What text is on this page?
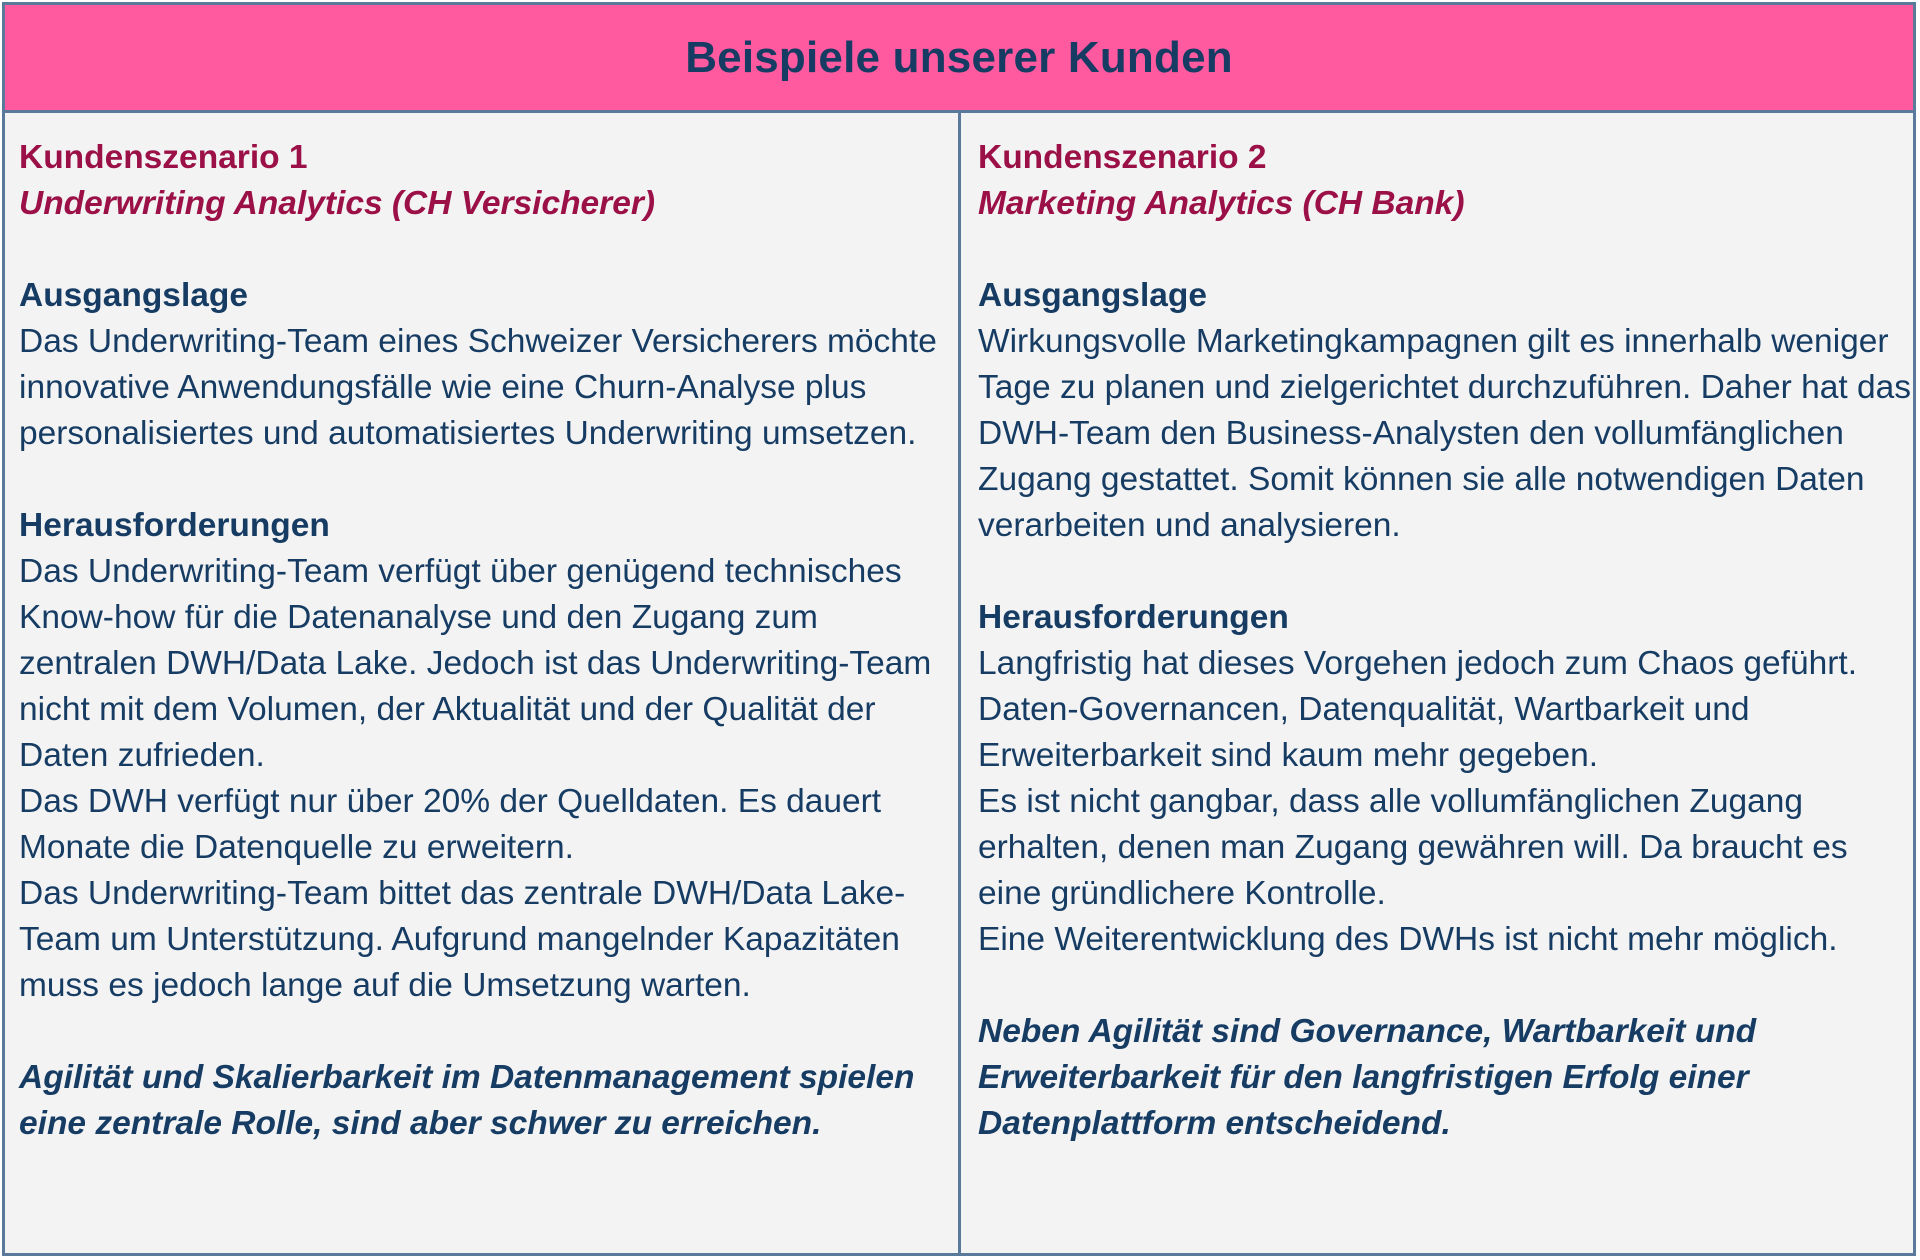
Beispiele unserer Kunden
Kundenszenario 1
Underwriting Analytics (CH Versicherer)
Ausgangslage
Das Underwriting-Team eines Schweizer Versicherers möchte innovative Anwendungsfälle wie eine Churn-Analyse plus personalisiertes und automatisiertes Underwriting umsetzen.
Herausforderungen
Das Underwriting-Team verfügt über genügend technisches Know-how für die Datenanalyse und den Zugang zum zentralen DWH/Data Lake. Jedoch ist das Underwriting-Team nicht mit dem Volumen, der Aktualität und der Qualität der Daten zufrieden.
Das DWH verfügt nur über 20% der Quelldaten. Es dauert Monate die Datenquelle zu erweitern.
Das Underwriting-Team bittet das zentrale DWH/Data Lake-Team um Unterstützung. Aufgrund mangelnder Kapazitäten muss es jedoch lange auf die Umsetzung warten.
Agilität und Skalierbarkeit im Datenmanagement spielen eine zentrale Rolle, sind aber schwer zu erreichen.
Kundenszenario 2
Marketing Analytics (CH Bank)
Ausgangslage
Wirkungsvolle Marketingkampagnen gilt es innerhalb weniger Tage zu planen und zielgerichtet durchzuführen. Daher hat das DWH-Team den Business-Analysten den vollumfänglichen Zugang gestattet. Somit können sie alle notwendigen Daten verarbeiten und analysieren.
Herausforderungen
Langfristig hat dieses Vorgehen jedoch zum Chaos geführt. Daten-Governancen, Datenqualität, Wartbarkeit und Erweiterbarkeit sind kaum mehr gegeben.
Es ist nicht gangbar, dass alle vollumfänglichen Zugang erhalten, denen man Zugang gewähren will. Da braucht es eine gründlichere Kontrolle.
Eine Weiterentwicklung des DWHs ist nicht mehr möglich.
Neben Agilität sind Governance, Wartbarkeit und Erweiterbarkeit für den langfristigen Erfolg einer Datenplattform entscheidend.
